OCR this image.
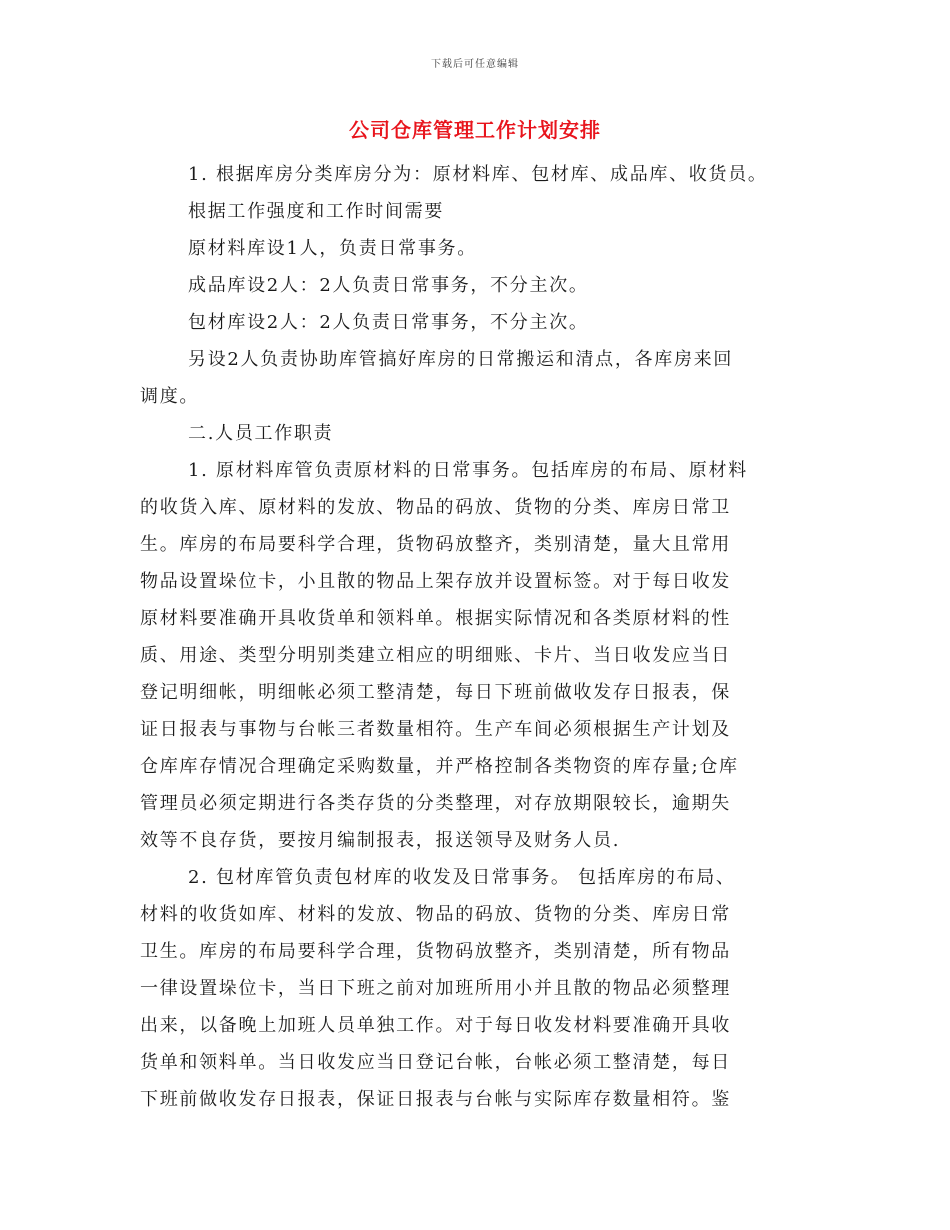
下载后可任意编辑
公司仓库管理工作计划安排

1. 根据库房分类库房分为：原材料库、包材库、成品库、收货员。

根据工作强度和工作时间需要

原材料库设1人，负责日常事务。

成品库设2人：2人负责日常事务，不分主次。

包材库设2人：2人负责日常事务，不分主次。

另设2人负责协助库管搞好库房的日常搬运和清点，各库房来回

调度。

二.人员工作职责

1. 原材料库管负责原材料的日常事务。包括库房的布局、原材料

的收货入库、原材料的发放、物品的码放、货物的分类、库房日常卫

生。库房的布局要科学合理，货物码放整齐，类别清楚，量大且常用

物品设置垛位卡，小且散的物品上架存放并设置标签。对于每日收发

原材料要准确开具收货单和领料单。根据实际情况和各类原材料的性

质、用途、类型分明别类建立相应的明细账、卡片、当日收发应当日

登记明细帐，明细帐必须工整清楚，每日下班前做收发存日报表，保

证日报表与事物与台帐三者数量相符。生产车间必须根据生产计划及

仓库库存情况合理确定采购数量，并严格控制各类物资的库存量;仓库

管理员必须定期进行各类存货的分类整理，对存放期限较长，逾期失

效等不良存货，要按月编制报表，报送领导及财务人员.

2. 包材库管负责包材库的收发及日常事务。 包括库房的布局、

材料的收货如库、材料的发放、物品的码放、货物的分类、库房日常

卫生。库房的布局要科学合理，货物码放整齐，类别清楚，所有物品

一律设置垛位卡，当日下班之前对加班所用小并且散的物品必须整理

出来，以备晚上加班人员单独工作。对于每日收发材料要准确开具收

货单和领料单。当日收发应当日登记台帐，台帐必须工整清楚，每日

下班前做收发存日报表，保证日报表与台帐与实际库存数量相符。鉴
